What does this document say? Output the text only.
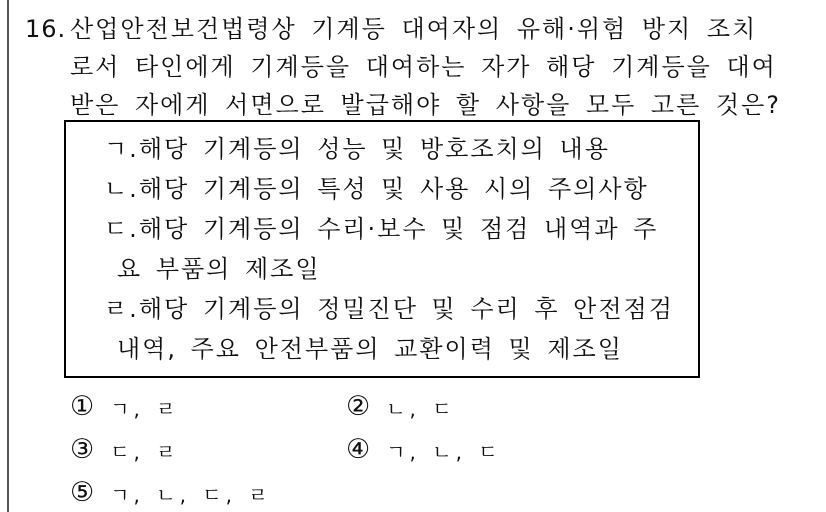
16. 산업안전보건법령상 기계등 대여자의 유해·위험 방지 조치
로서 타인에게 기계등을 대여하는 자가 해당 기계등을 대여
받은 자에게 서면으로 발급해야 할 사항을 모두 고른 것은?
ㄱ.해당 기계등의 성능 및 방호조치의 내용
ㄴ.해당 기계등의 특성 및 사용 시의 주의사항
ㄷ.해당 기계등의 수리·보수 및 점검 내역과 주
요 부품의 제조일
ㄹ.해당 기계등의 정밀진단 및 수리 후 안전점검
내역, 주요 안전부품의 교환이력 및 제조일
① ㄱ, ㄹ	② ㄴ, ㄷ
③ ㄷ, ㄹ	④ ㄱ, ㄴ, ㄷ
⑤ ㄱ, ㄴ, ㄷ, ㄹ
